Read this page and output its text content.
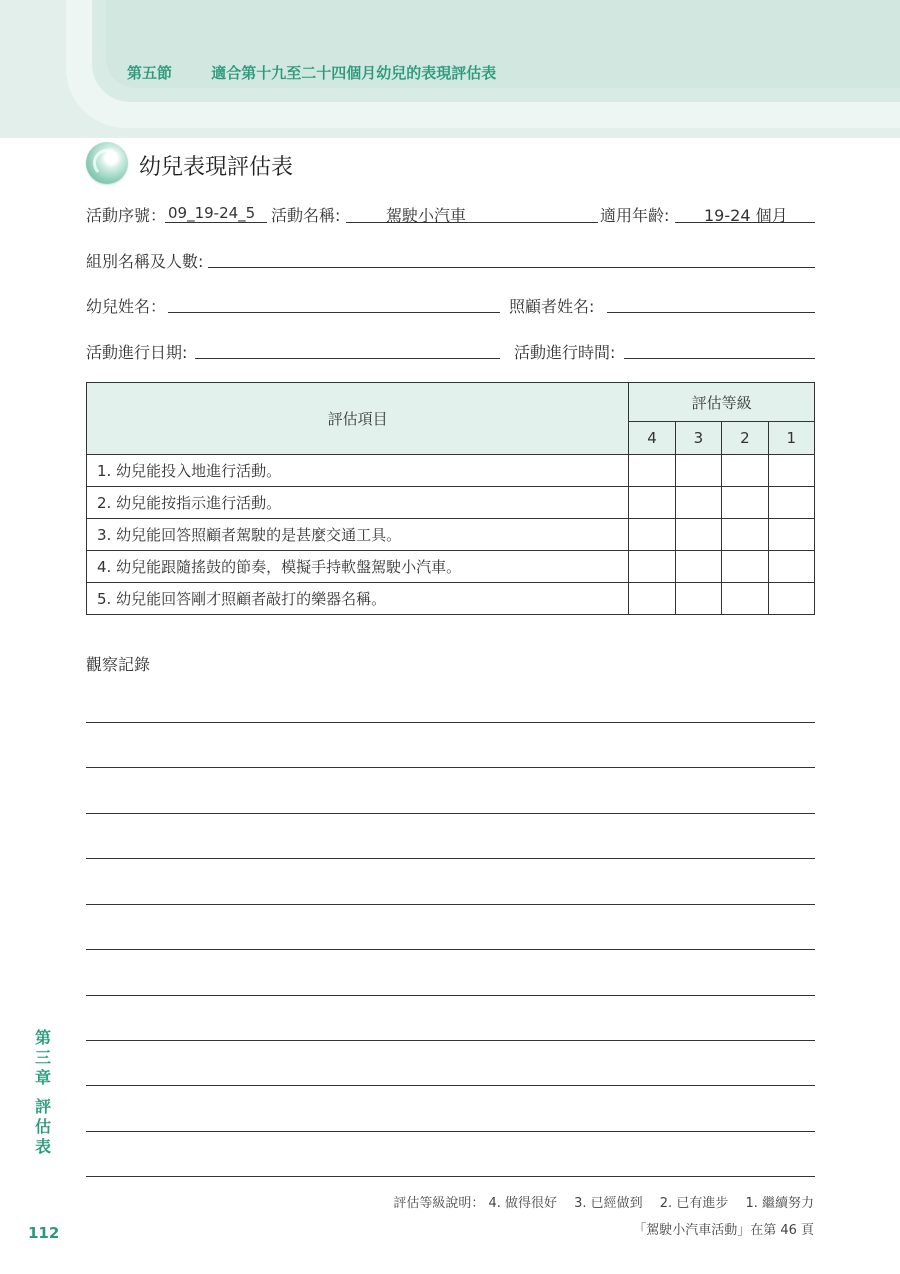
第五節	適合第十九至二十四個月幼兒的表現評估表
幼兒表現評估表
活動序號： 09_19-24_5 活動名稱:	駕駛小汽車	適用年齡: 19-24 個月
組別名稱及人數:
幼兒姓名：	照顧者姓名:
活動進行日期:	活動進行時間:
評估項目	評估等級			
	4	3	2	1
1. 幼兒能投入地進行活動。				
2. 幼兒能按指示進行活動。				
3. 幼兒能回答照顧者駕駛的是甚麼交通工具。				
4. 幼兒能跟隨搖鼓的節奏，模擬手持軟盤駕駛小汽車。				
5. 幼兒能回答剛才照顧者敲打的樂器名稱。				
觀察記錄
第
三
章
評
估
表
評估等級說明： 4. 做得很好　 3. 已經做到　 2. 已有進步　 1. 繼續努力
「駕駛小汽車活動」在第 46 頁
112
